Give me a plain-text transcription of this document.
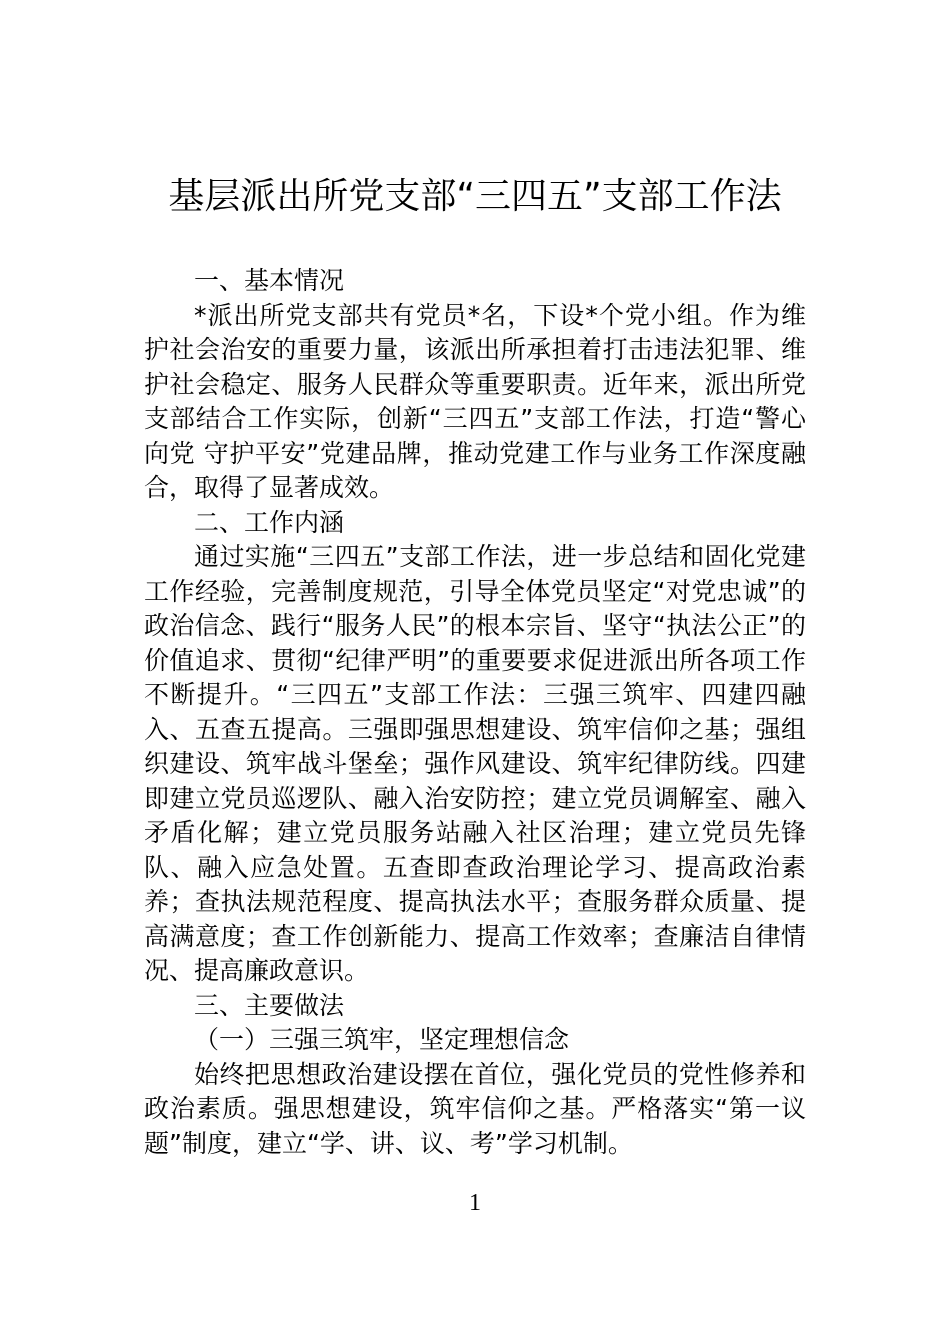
基层派出所党支部“三四五”支部工作法

一、基本情况

*派出所党支部共有党员*名，下设*个党小组。作为维护社会治安的重要力量，该派出所承担着打击违法犯罪、维护社会稳定、服务人民群众等重要职责。近年来，派出所党支部结合工作实际，创新“三四五”支部工作法，打造“警心向党 守护平安”党建品牌，推动党建工作与业务工作深度融合，取得了显著成效。

二、工作内涵

通过实施“三四五”支部工作法，进一步总结和固化党建工作经验，完善制度规范，引导全体党员坚定“对党忠诚”的政治信念、践行“服务人民”的根本宗旨、坚守“执法公正”的价值追求、贯彻“纪律严明”的重要要求促进派出所各项工作不断提升。“三四五”支部工作法：三强三筑牢、四建四融入、五查五提高。三强即强思想建设、筑牢信仰之基；强组织建设、筑牢战斗堡垒；强作风建设、筑牢纪律防线。四建即建立党员巡逻队、融入治安防控；建立党员调解室、融入矛盾化解；建立党员服务站融入社区治理；建立党员先锋队、融入应急处置。五查即查政治理论学习、提高政治素养；查执法规范程度、提高执法水平；查服务群众质量、提高满意度；查工作创新能力、提高工作效率；查廉洁自律情况、提高廉政意识。

三、主要做法

（一）三强三筑牢，坚定理想信念

始终把思想政治建设摆在首位，强化党员的党性修养和政治素质。强思想建设，筑牢信仰之基。严格落实“第一议题”制度，建立“学、讲、议、考”学习机制。

1
